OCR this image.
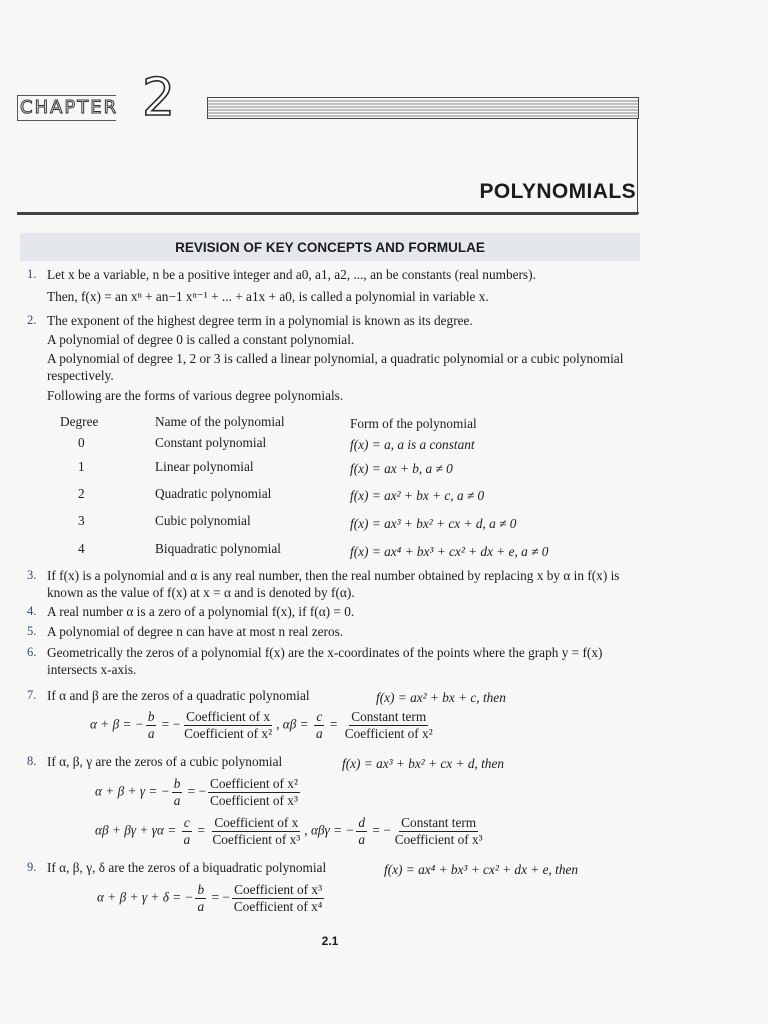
CHAPTER 2
POLYNOMIALS
REVISION OF KEY CONCEPTS AND FORMULAE
1. Let x be a variable, n be a positive integer and a0, a1, a2, ..., an be constants (real numbers).
Then, f(x) = an xⁿ + an−1 xⁿ⁻¹ + ... + a1x + a0, is called a polynomial in variable x.
2. The exponent of the highest degree term in a polynomial is known as its degree.
A polynomial of degree 0 is called a constant polynomial.
A polynomial of degree 1, 2 or 3 is called a linear polynomial, a quadratic polynomial or a cubic polynomial respectively.
Following are the forms of various degree polynomials.
Degree	Name of the polynomial	Form of the polynomial
0	Constant polynomial	f(x) = a, a is a constant
1	Linear polynomial	f(x) = ax + b, a ≠ 0
2	Quadratic polynomial	f(x) = ax² + bx + c, a ≠ 0
3	Cubic polynomial	f(x) = ax³ + bx² + cx + d, a ≠ 0
4	Biquadratic polynomial	f(x) = ax⁴ + bx³ + cx² + dx + e, a ≠ 0
3. If f(x) is a polynomial and α is any real number, then the real number obtained by replacing x by α in f(x) is known as the value of f(x) at x = α and is denoted by f(α).
4. A real number α is a zero of a polynomial f(x), if f(α) = 0.
5. A polynomial of degree n can have at most n real zeros.
6. Geometrically the zeros of a polynomial f(x) are the x-coordinates of the points where the graph y = f(x) intersects x-axis.
7. If α and β are the zeros of a quadratic polynomial	f(x) = ax² + bx + c, then
α + β = − $\frac{b}{a}$ = −
Coefficient of x
Coefficient of x²
, $\alpha\beta = \frac{c}{a}$ =
Constant term
Coefficient of x²
8. If α, β, γ are the zeros of a cubic polynomial	f(x) = ax³ + bx² + cx + d, then
α + β + γ = − $\frac{b}{a}$ = −
Coefficient of x²
Coefficient of x³
$\alpha\beta + \beta\gamma + \gamma\alpha = \frac{c}{a}$ =
Coefficient of x
Coefficient of x³
, αβγ = − $\frac{d}{a}$ = −
Constant term
Coefficient of x³
9. If α, β, γ, δ are the zeros of a biquadratic polynomial	f(x) = ax⁴ + bx³ + cx² + dx + e, then
α + β + γ + δ = − $\frac{b}{a}$ = −
Coefficient of x³
Coefficient of x⁴
2.1
